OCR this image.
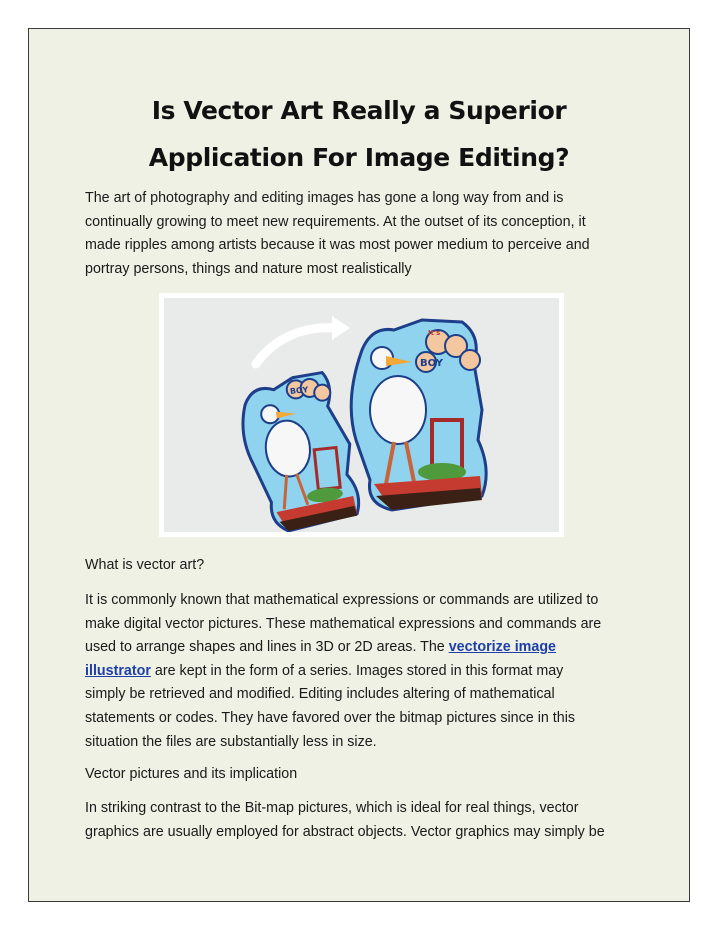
Is Vector Art Really a Superior
Application For Image Editing?
The art of photography and editing images has gone a long way from and is
continually growing to meet new requirements. At the outset of its conception, it
made ripples among artists because it was most power medium to perceive and
portray persons, things and nature most realistically
BOY
It's
BOY
What is vector art?
It is commonly known that mathematical expressions or commands are utilized to
make digital vector pictures. These mathematical expressions and commands are
used to arrange shapes and lines in 3D or 2D areas. The vectorize image
illustrator are kept in the form of a series. Images stored in this format may
simply be retrieved and modified. Editing includes altering of mathematical
statements or codes. They have favored over the bitmap pictures since in this
situation the files are substantially less in size.
Vector pictures and its implication
In striking contrast to the Bit-map pictures, which is ideal for real things, vector
graphics are usually employed for abstract objects. Vector graphics may simply be
